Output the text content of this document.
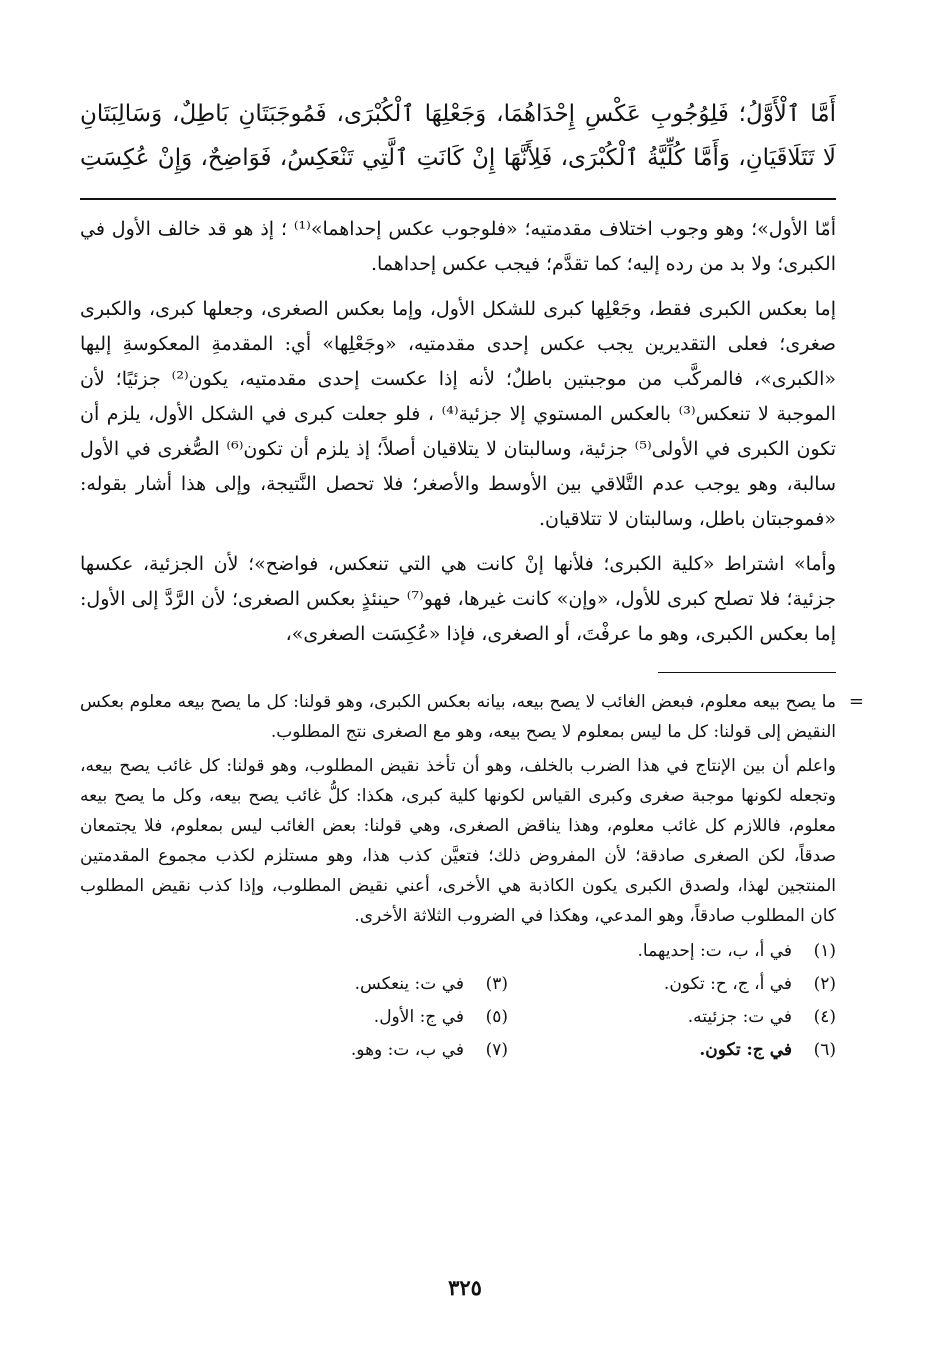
أَمَّا ٱلْأَوَّلُ؛ فَلِوُجُوبِ عَكْسِ إِحْدَاهُمَا، وَجَعْلِهَا ٱلْكُبْرَى، فَمُوجَبَتَانِ بَاطِلٌ، وَسَالِبَتَانِ
لَا تَتَلَاقَيَانِ، وَأَمَّا كُلِّيَّةُ ٱلْكُبْرَى، فَلِأَنَّهَا إِنْ كَانَتِ ٱلَّتِي تَنْعَكِسُ، فَوَاضِحٌ، وَإِنْ عُكِسَتِ

أمّا الأول»؛ وهو وجوب اختلاف مقدمتيه؛ «فلوجوب عكس إحداهما»⁽¹⁾ ؛ إذ هو قد خالف الأول في الكبرى؛ ولا بد من رده إليه؛ كما تقدَّم؛ فيجب عكس إحداهما.

إما بعكس الكبرى فقط، وجَعْلِها كبرى للشكل الأول، وإما بعكس الصغرى، وجعلها كبرى، والكبرى صغرى؛ فعلى التقديرين يجب عكس إحدى مقدمتيه، «وجَعْلِها» أي: المقدمةِ المعكوسةِ إليها «الكبرى»، فالمركَّب من موجبتين باطلٌ؛ لأنه إذا عكست إحدى مقدمتيه، يكون⁽²⁾ جزئيًا؛ لأن الموجبة لا تنعكس⁽³⁾ بالعكس المستوي إلا جزئية⁽⁴⁾ ، فلو جعلت كبرى في الشكل الأول، يلزم أن تكون الكبرى في الأولى⁽⁵⁾ جزئية، وسالبتان لا يتلاقيان أصلاً؛ إذ يلزم أن تكون⁽⁶⁾ الصُّغرى في الأول سالبة، وهو يوجب عدم التَّلاقي بين الأوسط والأصغر؛ فلا تحصل النَّتيجة، وإلى هذا أشار بقوله: «فموجبتان باطل، وسالبتان لا تتلاقيان.

وأما» اشتراط «كلية الكبرى؛ فلأنها إنْ كانت هي التي تنعكس، فواضح»؛ لأن الجزئية، عكسها جزئية؛ فلا تصلح كبرى للأول، «وإن» كانت غيرها، فهو⁽⁷⁾ حينئذٍ بعكس الصغرى؛ لأن الرَّدَّ إلى الأول: إما بعكس الكبرى، وهو ما عرفْتَ، أو الصغرى، فإذا «عُكِسَت الصغرى»،

=

ما يصح بيعه معلوم، فبعض الغائب لا يصح بيعه، بيانه بعكس الكبرى، وهو قولنا: كل ما يصح بيعه معلوم بعكس النقيض إلى قولنا: كل ما ليس بمعلوم لا يصح بيعه، وهو مع الصغرى نتج المطلوب.

واعلم أن بين الإنتاج في هذا الضرب بالخلف، وهو أن تأخذ نقيض المطلوب، وهو قولنا: كل غائب يصح بيعه، وتجعله لكونها موجبة صغرى وكبرى القياس لكونها كلية كبرى، هكذا: كلُّ غائب يصح بيعه، وكل ما يصح بيعه معلوم، فاللازم كل غائب معلوم، وهذا يناقض الصغرى، وهي قولنا: بعض الغائب ليس بمعلوم، فلا يجتمعان صدقاً، لكن الصغرى صادقة؛ لأن المفروض ذلك؛ فتعيَّن كذب هذا، وهو مستلزم لكذب مجموع المقدمتين المنتجين لهذا، ولصدق الكبرى يكون الكاذبة هي الأخرى، أعني نقيض المطلوب، وإذا كذب نقيض المطلوب كان المطلوب صادقاً، وهو المدعي، وهكذا في الضروب الثلاثة الأخرى.

(١)
في أ، ب، ت: إحديهما.
(٢)
في أ، ج، ح: تكون.
(٣)
في ت: ينعكس.
(٤)
في ت: جزئيته.
(٥)
في ج: الأول.
(٦)
في ج: تكون.
(٧)
في ب، ت: وهو.
٣٢٥
